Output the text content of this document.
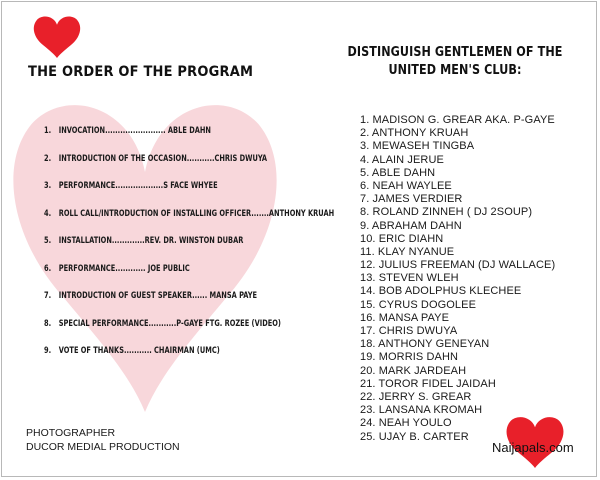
THE ORDER OF THE PROGRAM
1. INVOCATION........................ ABLE DAHN
2. INTRODUCTION OF THE OCCASION...........CHRIS DWUYA
3. PERFORMANCE...................S FACE WHYEE
4. ROLL CALL/INTRODUCTION OF INSTALLING OFFICER.......ANTHONY KRUAH
5. INSTALLATION.............REV. DR. WINSTON DUBAR
6. PERFORMANCE............ JOE PUBLIC
7. INTRODUCTION OF GUEST SPEAKER...... MANSA PAYE
8. SPECIAL PERFORMANCE...........P-GAYE FTG. ROZEE (VIDEO)
9. VOTE OF THANKS........... CHAIRMAN (UMC)
DISTINGUISH GENTLEMEN OF THE
UNITED MEN'S CLUB:
1. MADISON G. GREAR AKA. P-GAYE
2. ANTHONY KRUAH
3. MEWASEH TINGBA
4. ALAIN JERUE
5. ABLE DAHN
6. NEAH WAYLEE
7. JAMES VERDIER
8. ROLAND ZINNEH ( DJ 2SOUP)
9. ABRAHAM DAHN
10. ERIC DIAHN
11. KLAY NYANUE
12. JULIUS FREEMAN (DJ WALLACE)
13. STEVEN WLEH
14. BOB ADOLPHUS KLECHEE
15. CYRUS DOGOLEE
16. MANSA PAYE
17. CHRIS DWUYA
18. ANTHONY GENEYAN
19. MORRIS DAHN
20. MARK JARDEAH
21. TOROR FIDEL JAIDAH
22. JERRY S. GREAR
23. LANSANA KROMAH
24. NEAH YOULO
25. UJAY B. CARTER
PHOTOGRAPHER
DUCOR MEDIAL PRODUCTION	Naijapals.com
